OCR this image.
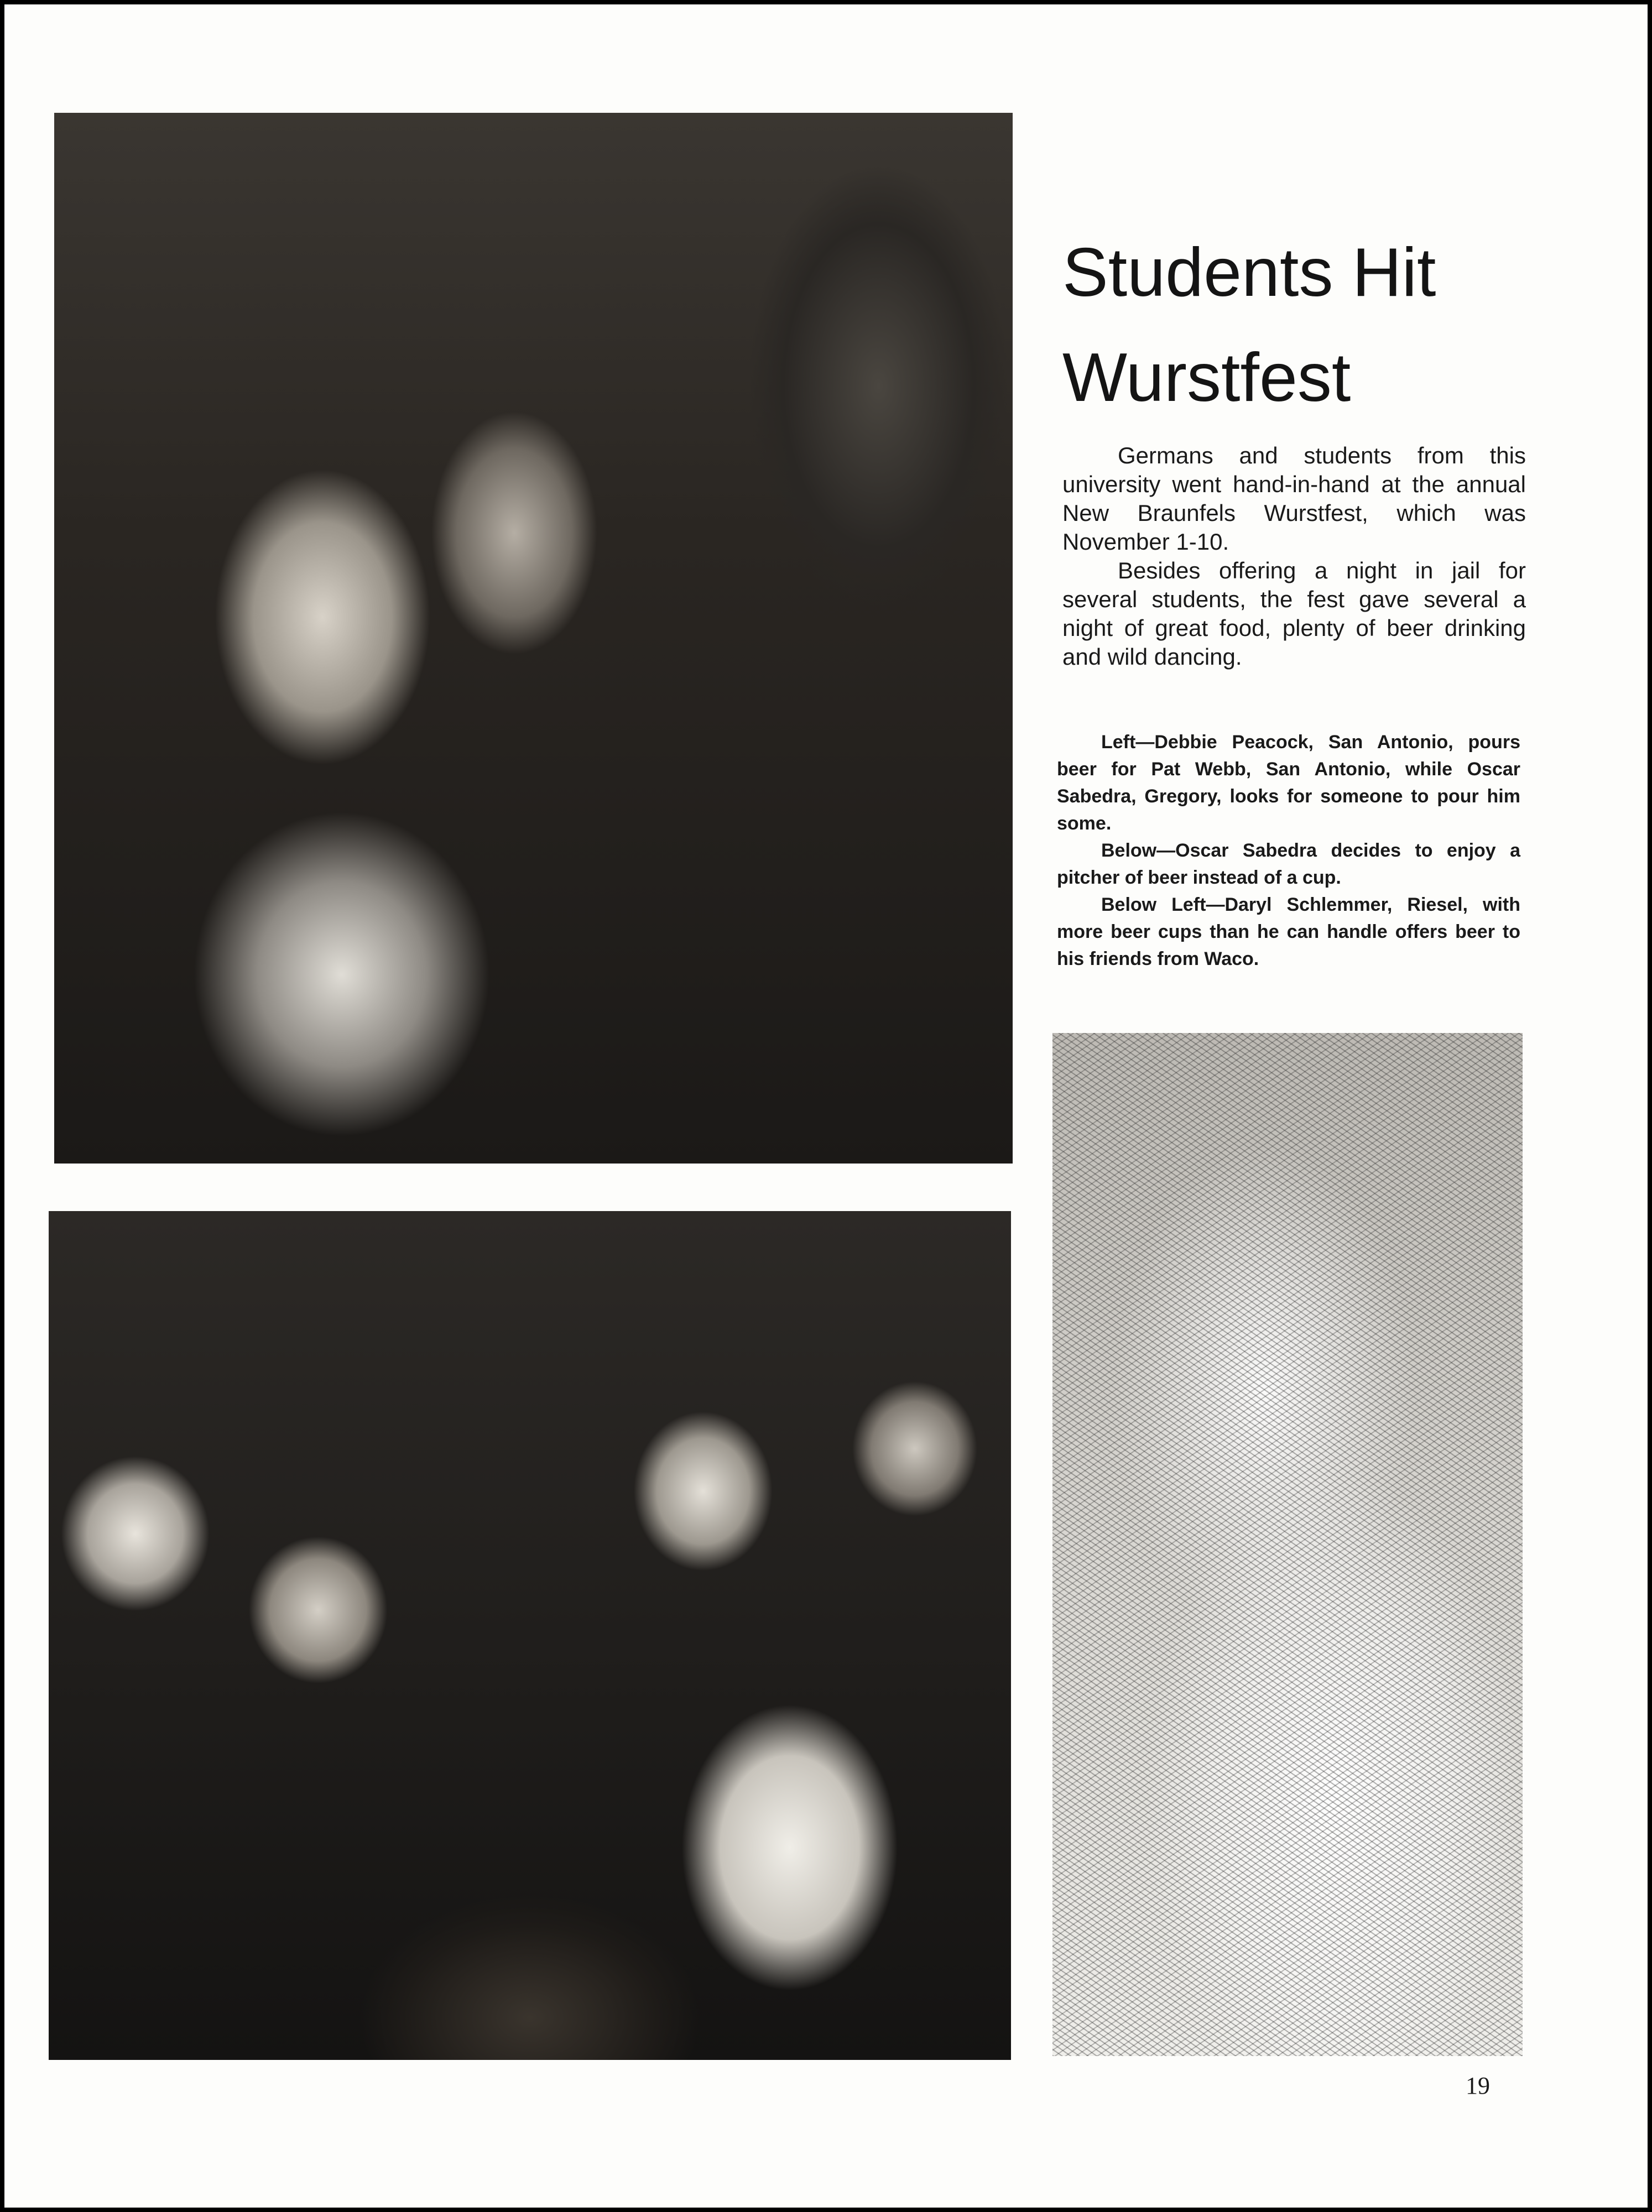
Students Hit
Wurstfest

Germans and students from this university went hand-in-hand at the annual New Braunfels Wurstfest, which was November 1-10.

Besides offering a night in jail for several students, the fest gave several a night of great food, plenty of beer drinking and wild dancing.

Left—Debbie Peacock, San Antonio, pours beer for Pat Webb, San Antonio, while Oscar Sabedra, Gregory, looks for someone to pour him some.

Below—Oscar Sabedra decides to enjoy a pitcher of beer instead of a cup.

Below Left—Daryl Schlemmer, Riesel, with more beer cups than he can handle offers beer to his friends from Waco.

19
